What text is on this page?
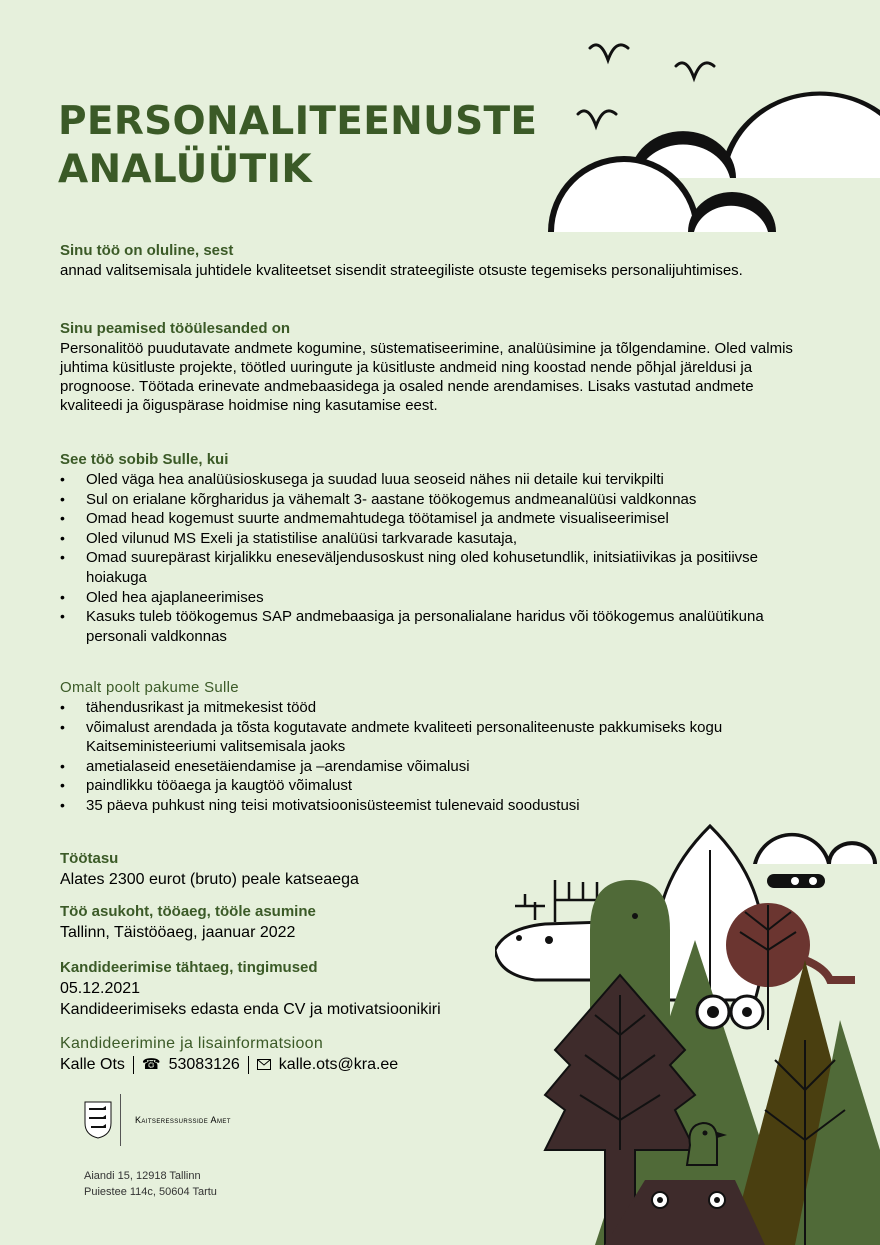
PERSONALITEENUSTE ANALÜÜTIK
Sinu töö on oluline, sest

annad valitsemisala juhtidele kvaliteetset sisendit strateegiliste otsuste tegemiseks personalijuhtimises.

Sinu peamised tööülesanded on

Personalitöö puudutavate andmete kogumine, süstematiseerimine, analüüsimine ja tõlgendamine. Oled valmis juhtima küsitluste projekte, töötled uuringute ja küsitluste andmeid ning koostad nende põhjal järeldusi ja prognoose. Töötada erinevate andmebaasidega ja osaled nende arendamises. Lisaks vastutad andmete kvaliteedi ja õiguspärase hoidmise ning kasutamise eest.

See töö sobib Sulle, kui
• Oled väga hea analüüsioskusega ja suudad luua seoseid nähes nii detaile kui tervikpilti
• Sul on erialane kõrgharidus ja vähemalt 3- aastane töökogemus andmeanalüüsi valdkonnas
• Omad head kogemust suurte andmemahtudega töötamisel ja andmete visualiseerimisel
• Oled vilunud MS Exeli ja statistilise analüüsi tarkvarade kasutaja,
• Omad suurepärast kirjalikku eneseväljendusoskust ning oled kohusetundlik, initsiatiivikas ja positiivse hoiakuga
• Oled hea ajaplaneerimises
• Kasuks tuleb töökogemus SAP andmebaasiga ja personalialane haridus või töökogemus analüütikuna personali valdkonnas
Omalt poolt pakume Sulle
• tähendusrikast ja mitmekesist tööd
• võimalust arendada ja tõsta kogutavate andmete kvaliteeti personaliteenuste pakkumiseks kogu Kaitseministeeriumi valitsemisala jaoks
• ametialaseid enesetäiendamise ja –arendamise võimalusi
• paindlikku tööaega ja kaugtöö võimalust
• 35 päeva puhkust ning teisi motivatsioonisüsteemist tulenevaid soodustusi
Töötasu

Alates 2300 eurot (bruto) peale katseaega

Töö asukoht, tööaeg, tööle asumine

Tallinn, Täistööaeg, jaanuar 2022

Kandideerimise tähtaeg, tingimused

05.12.2021

Kandideerimiseks edasta enda CV ja motivatsioonikiri

Kandideerimine ja lisainformatsioon
Kalle Ots ☎ 53083126 kalle.ots@kra.ee
Kaitseressursside Amet
Aiandi 15, 12918 Tallinn
Puiestee 114c, 50604 Tartu
